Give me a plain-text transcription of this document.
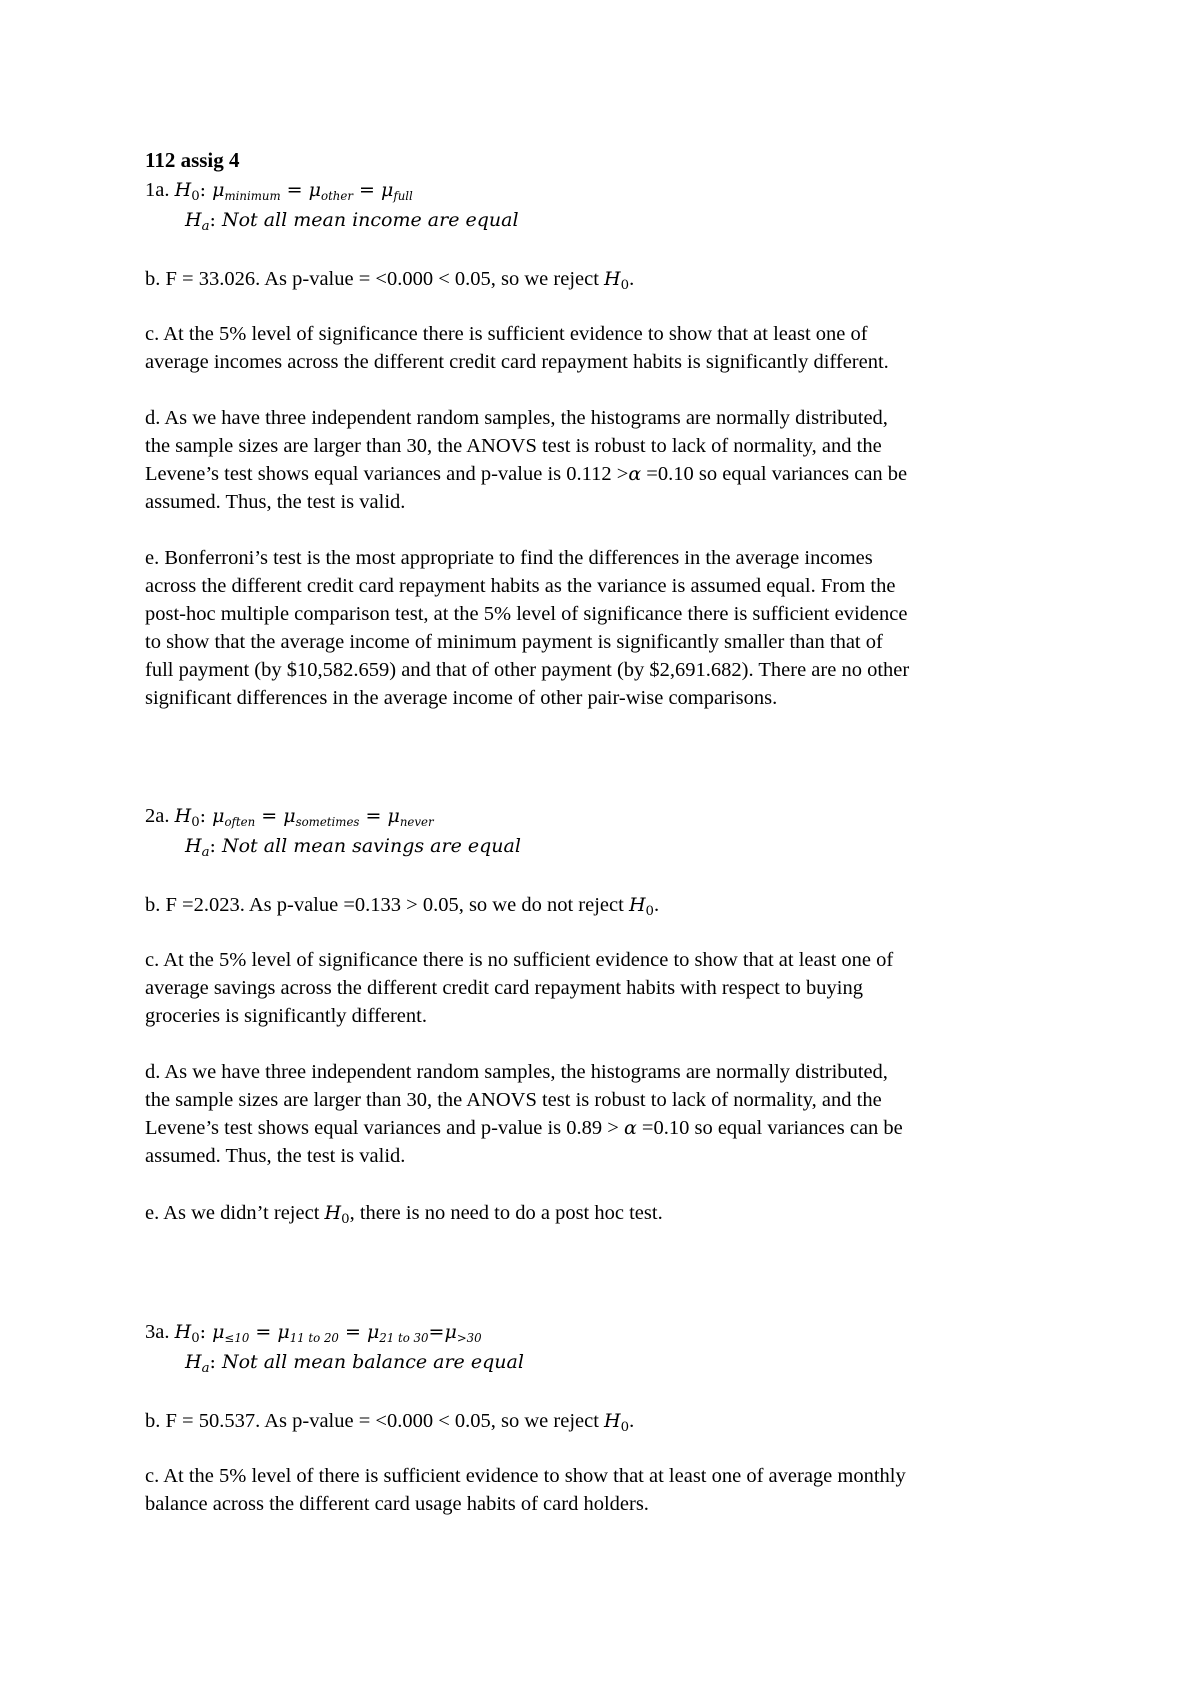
112 assig 4
1a. $H_0$: $\mu_{minimum} = \mu_{other} = \mu_{full}$
$H_a$: Not all mean income are equal
b. F = 33.026. As p-value = <0.000 < 0.05, so we reject $H_0$.
c. At the 5% level of significance there is sufficient evidence to show that at least one of
average incomes across the different credit card repayment habits is significantly different.
d. As we have three independent random samples, the histograms are normally distributed,
the sample sizes are larger than 30, the ANOVS test is robust to lack of normality, and the
Levene’s test shows equal variances and p-value is 0.112 >α =0.10 so equal variances can be
assumed. Thus, the test is valid.
e. Bonferroni’s test is the most appropriate to find the differences in the average incomes
across the different credit card repayment habits as the variance is assumed equal. From the
post-hoc multiple comparison test, at the 5% level of significance there is sufficient evidence
to show that the average income of minimum payment is significantly smaller than that of
full payment (by $10,582.659) and that of other payment (by $2,691.682). There are no other
significant differences in the average income of other pair-wise comparisons.
2a. $H_0$: $\mu_{often} = \mu_{sometimes} = \mu_{never}$
$H_a$: Not all mean savings are equal
b. F =2.023. As p-value =0.133 > 0.05, so we do not reject $H_0$.
c. At the 5% level of significance there is no sufficient evidence to show that at least one of
average savings across the different credit card repayment habits with respect to buying
groceries is significantly different.
d. As we have three independent random samples, the histograms are normally distributed,
the sample sizes are larger than 30, the ANOVS test is robust to lack of normality, and the
Levene’s test shows equal variances and p-value is 0.89 > α =0.10 so equal variances can be
assumed. Thus, the test is valid.
e. As we didn’t reject $H_0$, there is no need to do a post hoc test.
3a. $H_0$: $\mu_{\le 10} = \mu_{11 to 20} = \mu_{21 to 30}=\mu_{>30}$
$H_a$: Not all mean balance are equal
b. F = 50.537. As p-value = <0.000 < 0.05, so we reject $H_0$.
c. At the 5% level of there is sufficient evidence to show that at least one of average monthly
balance across the different card usage habits of card holders.
